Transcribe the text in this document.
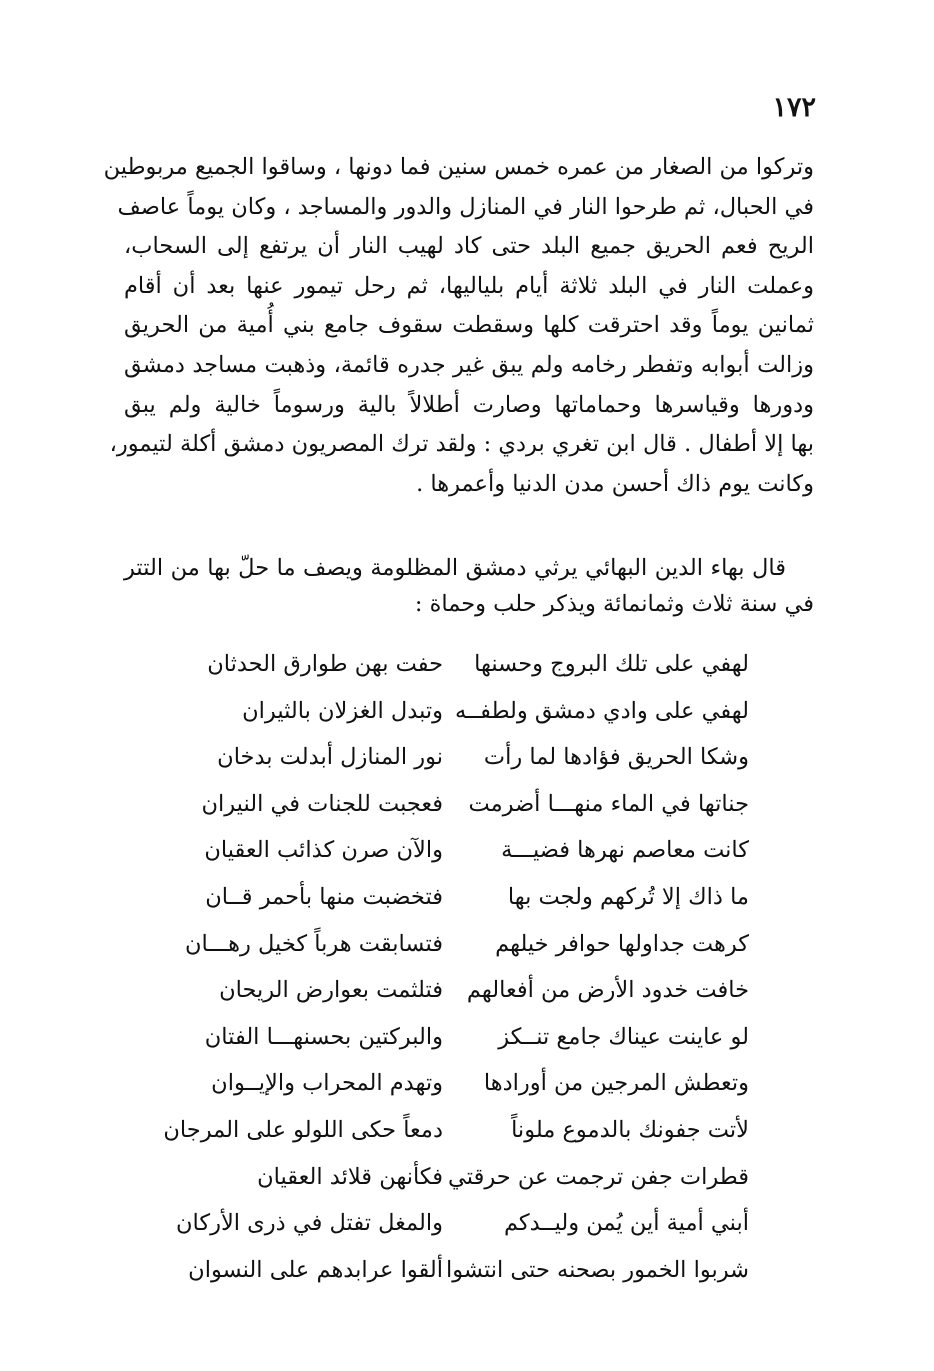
١٧٢
وتركوا من الصغار من عمره خمس سنين فما دونها ، وساقوا الجميع مربوطين
في الحبال، ثم طرحوا النار في المنازل والدور والمساجد ، وكان يوماً عاصف
الريح فعم الحريق جميع البلد حتى كاد لهيب النار أن يرتفع إلى السحاب،
وعملت النار في البلد ثلاثة أيام بلياليها، ثم رحل تيمور عنها بعد أن أقام
ثمانين يوماً وقد احترقت كلها وسقطت سقوف جامع بني أُمية من الحريق
وزالت أبوابه وتفطر رخامه ولم يبق غير جدره قائمة، وذهبت مساجد دمشق
ودورها وقياسرها وحماماتها وصارت أطلالاً بالية ورسوماً خالية ولم يبق
بها إلا أطفال . قال ابن تغري بردي : ولقد ترك المصريون دمشق أكلة لتيمور،
وكانت يوم ذاك أحسن مدن الدنيا وأعمرها .
قال بهاء الدين البهائي يرثي دمشق المظلومة ويصف ما حلّ بها من التتر
في سنة ثلاث وثمانمائة ويذكر حلب وحماة :
لهفي على تلك البروج وحسنها
حفت بهن طوارق الحدثان
لهفي على وادي دمشق ولطفــه
وتبدل الغزلان بالثيران
وشكا الحريق فؤادها لما رأت
نور المنازل أبدلت بدخان
جناتها في الماء منهـــا أضرمت
فعجبت للجنات في النيران
كانت معاصم نهرها فضيـــة
والآن صرن كذائب العقيان
ما ذاك إلا تُركهم ولجت بها
فتخضبت منها بأحمر قــان
كرهت جداولها حوافر خيلهم
فتسابقت هرباً كخيل رهـــان
خافت خدود الأرض من أفعالهم
فتلثمت بعوارض الريحان
لو عاينت عيناك جامع تنــكز
والبركتين بحسنهـــا الفتان
وتعطش المرجين من أورادها
وتهدم المحراب والإيــوان
لأتت جفونك بالدموع ملوناً
دمعاً حكى اللولو على المرجان
قطرات جفن ترجمت عن حرقتي
فكأنهن قلائد العقيان
أبني أمية أين يُمن وليــدكم
والمغل تفتل في ذرى الأركان
شربوا الخمور بصحنه حتى انتشوا
ألقوا عرابدهم على النسوان
